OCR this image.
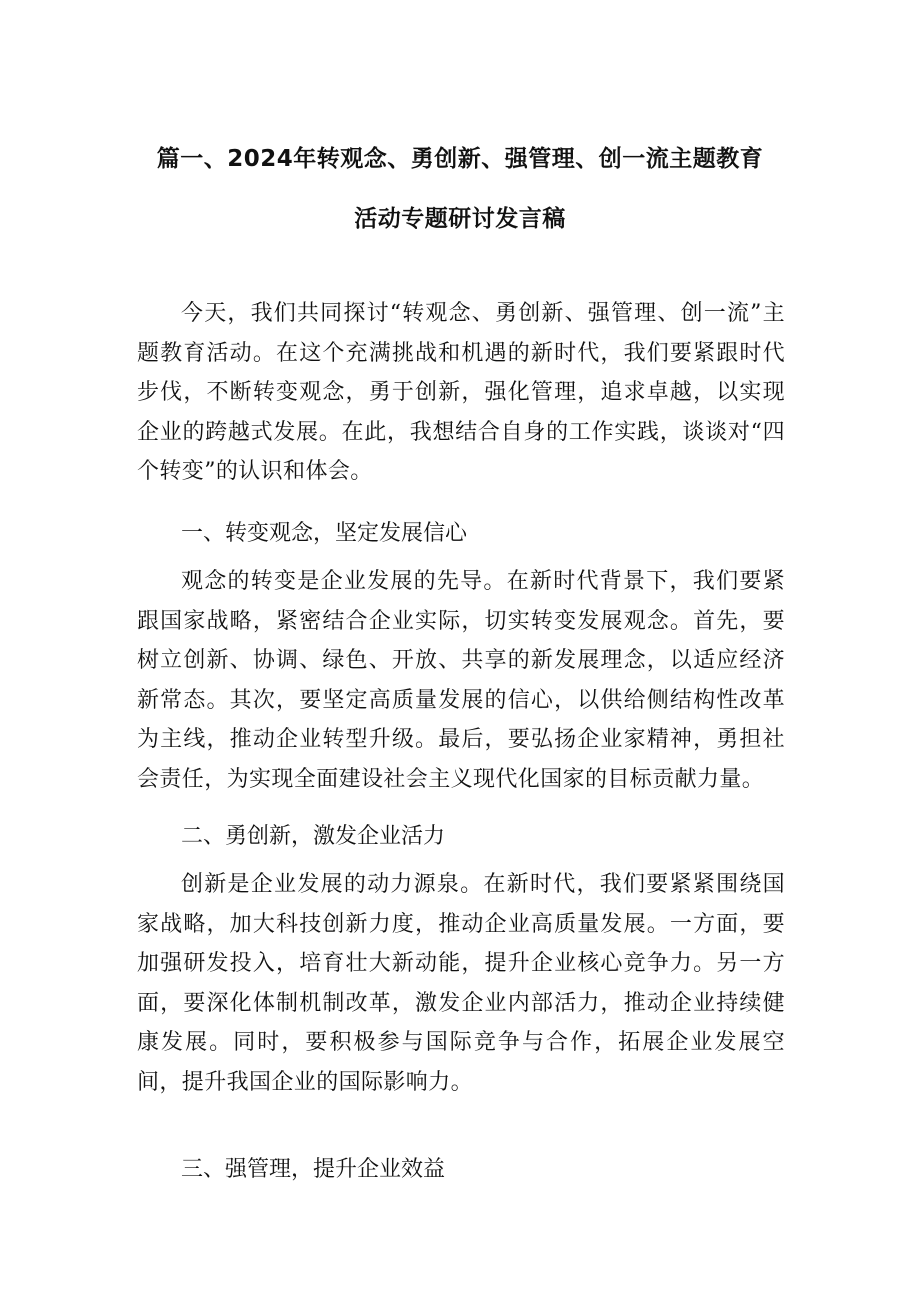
篇一、2024年转观念、勇创新、强管理、创一流主题教育
活动专题研讨发言稿

今天，我们共同探讨“转观念、勇创新、强管理、创一流”主题教育活动。在这个充满挑战和机遇的新时代，我们要紧跟时代步伐，不断转变观念，勇于创新，强化管理，追求卓越，以实现企业的跨越式发展。在此，我想结合自身的工作实践，谈谈对“四个转变”的认识和体会。

一、转变观念，坚定发展信心

观念的转变是企业发展的先导。在新时代背景下，我们要紧跟国家战略，紧密结合企业实际，切实转变发展观念。首先，要树立创新、协调、绿色、开放、共享的新发展理念，以适应经济新常态。其次，要坚定高质量发展的信心，以供给侧结构性改革为主线，推动企业转型升级。最后，要弘扬企业家精神，勇担社会责任，为实现全面建设社会主义现代化国家的目标贡献力量。

二、勇创新，激发企业活力

创新是企业发展的动力源泉。在新时代，我们要紧紧围绕国家战略，加大科技创新力度，推动企业高质量发展。一方面，要加强研发投入，培育壮大新动能，提升企业核心竞争力。另一方面，要深化体制机制改革，激发企业内部活力，推动企业持续健康发展。同时，要积极参与国际竞争与合作，拓展企业发展空间，提升我国企业的国际影响力。

三、强管理，提升企业效益
